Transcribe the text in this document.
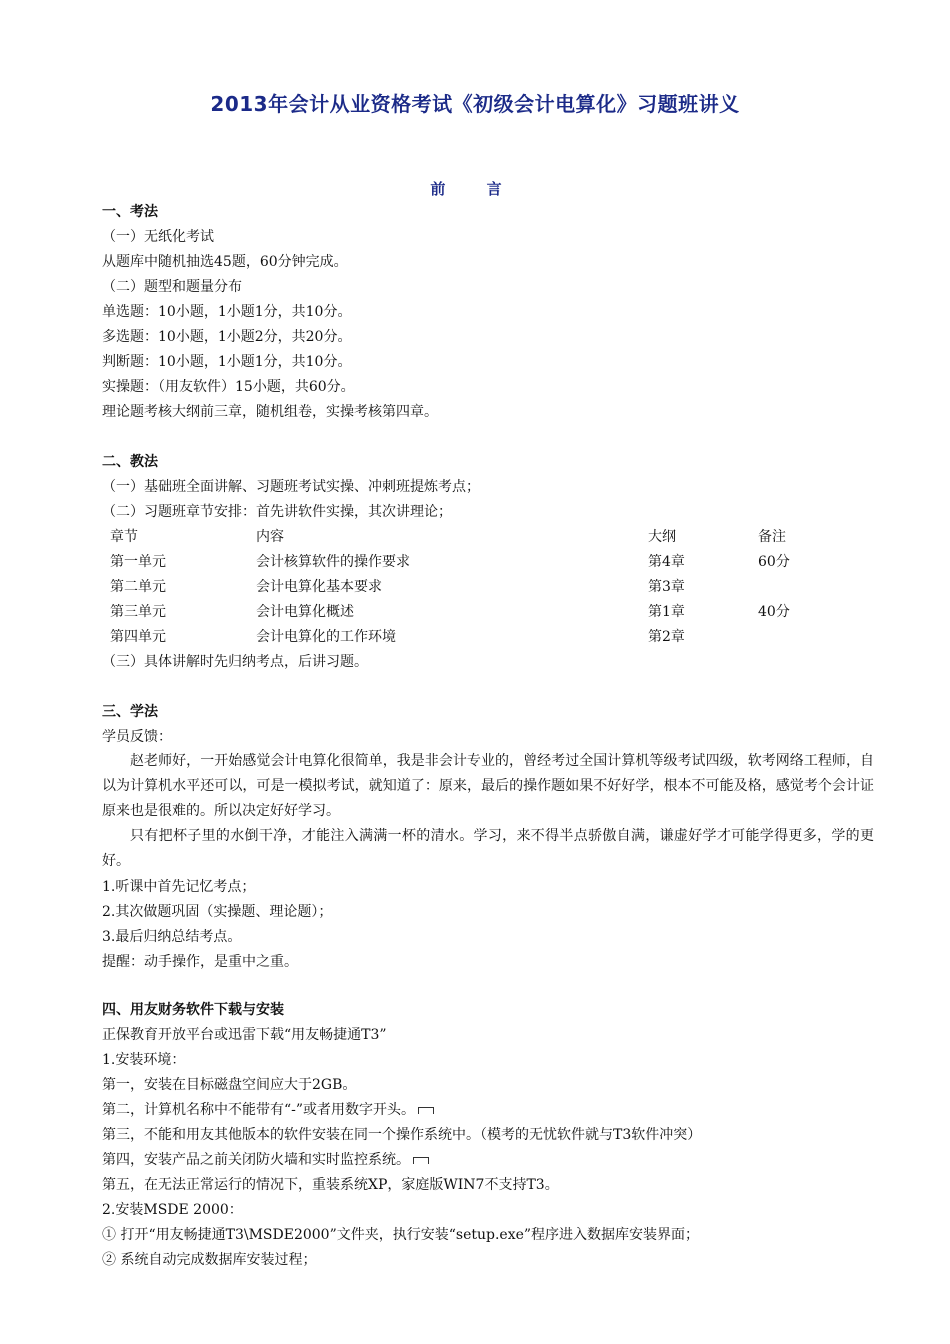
2013年会计从业资格考试《初级会计电算化》习题班讲义
前 言
一、考法
（一）无纸化考试
从题库中随机抽选45题，60分钟完成。
（二）题型和题量分布
单选题：10小题，1小题1分，共10分。
多选题：10小题，1小题2分，共20分。
判断题：10小题，1小题1分，共10分。
实操题：（用友软件）15小题，共60分。
理论题考核大纲前三章，随机组卷，实操考核第四章。
二、教法
（一）基础班全面讲解、习题班考试实操、冲刺班提炼考点；
（二）习题班章节安排：首先讲软件实操，其次讲理论；
章节	内容	大纲	备注
第一单元	会计核算软件的操作要求	第4章	60分
第二单元	会计电算化基本要求	第3章
第三单元	会计电算化概述	第1章	40分
第四单元	会计电算化的工作环境	第2章
（三）具体讲解时先归纳考点，后讲习题。
三、学法
学员反馈：
赵老师好，一开始感觉会计电算化很简单，我是非会计专业的，曾经考过全国计算机等级考试四级，软考网络工程师，自以为计算机水平还可以，可是一模拟考试，就知道了：原来，最后的操作题如果不好好学，根本不可能及格，感觉考个会计证原来也是很难的。所以决定好好学习。
只有把杯子里的水倒干净，才能注入满满一杯的清水。学习，来不得半点骄傲自满，谦虚好学才可能学得更多，学的更好。
1.听课中首先记忆考点；
2.其次做题巩固（实操题、理论题）；
3.最后归纳总结考点。
提醒：动手操作，是重中之重。
四、用友财务软件下载与安装
正保教育开放平台或迅雷下载“用友畅捷通T3”
1.安装环境：
第一，安装在目标磁盘空间应大于2GB。
第二，计算机名称中不能带有“-”或者用数字开头。
第三，不能和用友其他版本的软件安装在同一个操作系统中。（模考的无忧软件就与T3软件冲突）
第四，安装产品之前关闭防火墙和实时监控系统。
第五，在无法正常运行的情况下，重装系统XP，家庭版WIN7不支持T3。
2.安装MSDE 2000：
① 打开“用友畅捷通T3\MSDE2000”文件夹，执行安装“setup.exe”程序进入数据库安装界面；
② 系统自动完成数据库安装过程；
